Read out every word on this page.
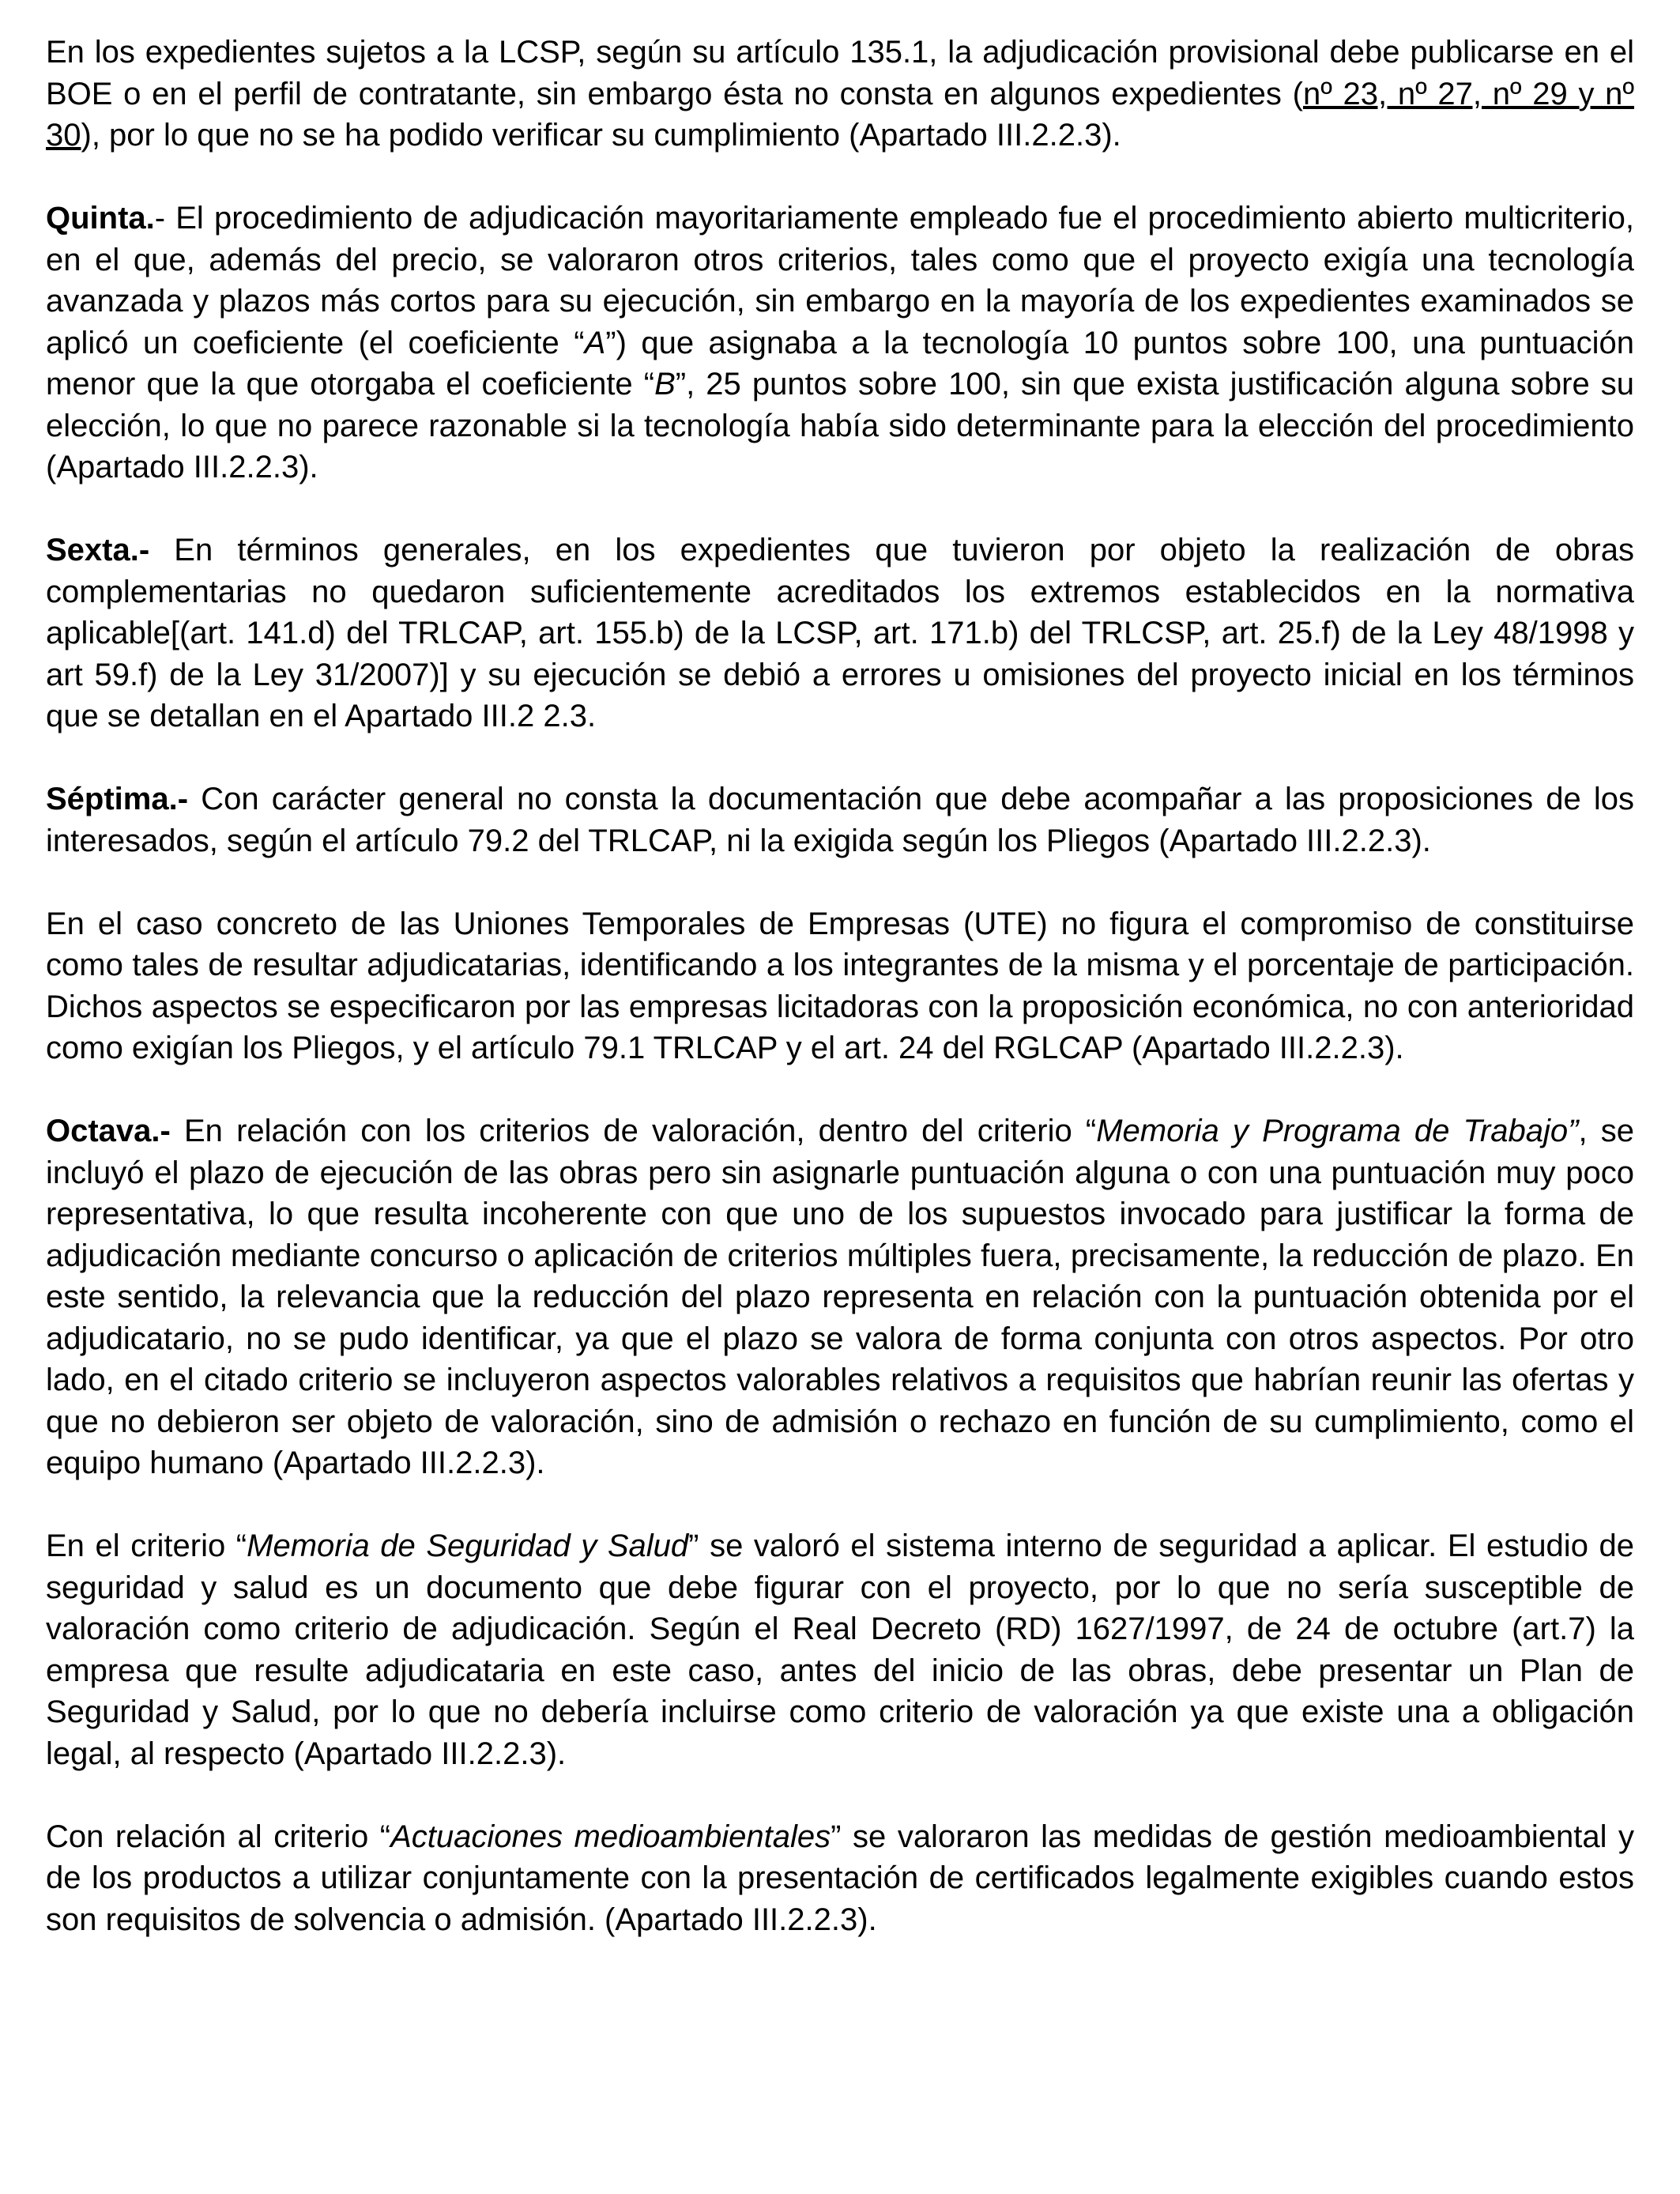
En los expedientes sujetos a la LCSP, según su artículo 135.1, la adjudicación provisional debe publicarse en el BOE o en el perfil de contratante, sin embargo ésta no consta en algunos expedientes (nº 23, nº 27, nº 29 y nº 30), por lo que no se ha podido verificar su cumplimiento (Apartado III.2.2.3).

Quinta.- El procedimiento de adjudicación mayoritariamente empleado fue el procedimiento abierto multicriterio, en el que, además del precio, se valoraron otros criterios, tales como que el proyecto exigía una tecnología avanzada y plazos más cortos para su ejecución, sin embargo en la mayoría de los expedientes examinados se aplicó un coeficiente (el coeficiente “A”) que asignaba a la tecnología 10 puntos sobre 100, una puntuación menor que la que otorgaba el coeficiente “B”, 25 puntos sobre 100, sin que exista justificación alguna sobre su elección, lo que no parece razonable si la tecnología había sido determinante para la elección del procedimiento (Apartado III.2.2.3).

Sexta.- En términos generales, en los expedientes que tuvieron por objeto la realización de obras complementarias no quedaron suficientemente acreditados los extremos establecidos en la normativa aplicable[(art. 141.d) del TRLCAP, art. 155.b) de la LCSP, art. 171.b) del TRLCSP, art. 25.f) de la Ley 48/1998 y art 59.f) de la Ley 31/2007)] y su ejecución se debió a errores u omisiones del proyecto inicial en los términos que se detallan en el Apartado III.2 2.3.

Séptima.- Con carácter general no consta la documentación que debe acompañar a las proposiciones de los interesados, según el artículo 79.2 del TRLCAP, ni la exigida según los Pliegos (Apartado III.2.2.3).

En el caso concreto de las Uniones Temporales de Empresas (UTE) no figura el compromiso de constituirse como tales de resultar adjudicatarias, identificando a los integrantes de la misma y el porcentaje de participación. Dichos aspectos se especificaron por las empresas licitadoras con la proposición económica, no con anterioridad como exigían los Pliegos, y el artículo 79.1 TRLCAP y el art. 24 del RGLCAP (Apartado III.2.2.3).

Octava.- En relación con los criterios de valoración, dentro del criterio “Memoria y Programa de Trabajo”, se incluyó el plazo de ejecución de las obras pero sin asignarle puntuación alguna o con una puntuación muy poco representativa, lo que resulta incoherente con que uno de los supuestos invocado para justificar la forma de adjudicación mediante concurso o aplicación de criterios múltiples fuera, precisamente, la reducción de plazo. En este sentido, la relevancia que la reducción del plazo representa en relación con la puntuación obtenida por el adjudicatario, no se pudo identificar, ya que el plazo se valora de forma conjunta con otros aspectos. Por otro lado, en el citado criterio se incluyeron aspectos valorables relativos a requisitos que habrían reunir las ofertas y que no debieron ser objeto de valoración, sino de admisión o rechazo en función de su cumplimiento, como el equipo humano (Apartado III.2.2.3).

En el criterio “Memoria de Seguridad y Salud” se valoró el sistema interno de seguridad a aplicar. El estudio de seguridad y salud es un documento que debe figurar con el proyecto, por lo que no sería susceptible de valoración como criterio de adjudicación. Según el Real Decreto (RD) 1627/1997, de 24 de octubre (art.7) la empresa que resulte adjudicataria en este caso, antes del inicio de las obras, debe presentar un Plan de Seguridad y Salud, por lo que no debería incluirse como criterio de valoración ya que existe una a obligación legal, al respecto (Apartado III.2.2.3).

Con relación al criterio “Actuaciones medioambientales” se valoraron las medidas de gestión medioambiental y de los productos a utilizar conjuntamente con la presentación de certificados legalmente exigibles cuando estos son requisitos de solvencia o admisión. (Apartado III.2.2.3).
